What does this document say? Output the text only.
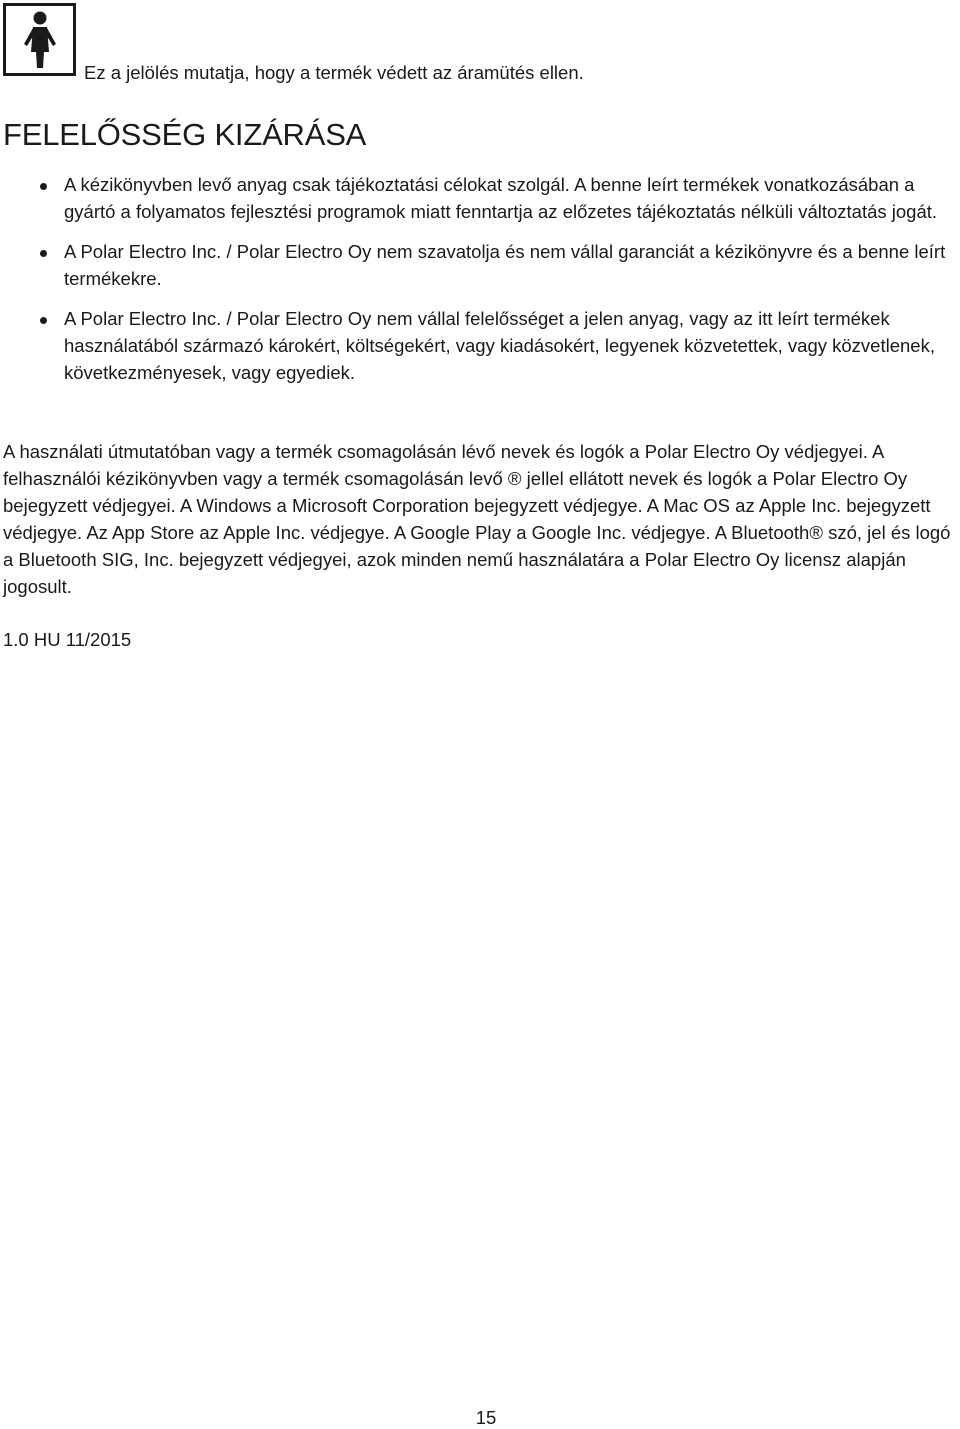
Ez a jelölés mutatja, hogy a termék védett az áramütés ellen.
FELELŐSSÉG KIZÁRÁSA
A kézikönyvben levő anyag csak tájékoztatási célokat szolgál. A benne leírt termékek vonatkozásában a gyártó a folyamatos fejlesztési programok miatt fenntartja az előzetes tájékoztatás nélküli változtatás jogát.
A Polar Electro Inc. / Polar Electro Oy nem szavatolja és nem vállal garanciát a kézikönyvre és a benne leírt termékekre.
A Polar Electro Inc. / Polar Electro Oy nem vállal felelősséget a jelen anyag, vagy az itt leírt termékek használatából származó károkért, költségekért, vagy kiadásokért, legyenek közvetettek, vagy közvetlenek, következményesek, vagy egyediek.

A használati útmutatóban vagy a termék csomagolásán lévő nevek és logók a Polar Electro Oy védjegyei. A felhasználói kézikönyvben vagy a termék csomagolásán levő ® jellel ellátott nevek és logók a Polar Electro Oy bejegyzett védjegyei. A Windows a Microsoft Corporation bejegyzett védjegye. A Mac OS az Apple Inc. bejegyzett védjegye. Az App Store az Apple Inc. védjegye. A Google Play a Google Inc. védjegye. A Bluetooth® szó, jel és logó a Bluetooth SIG, Inc. bejegyzett védjegyei, azok minden nemű használatára a Polar Electro Oy licensz alapján jogosult.

1.0 HU 11/2015

15
